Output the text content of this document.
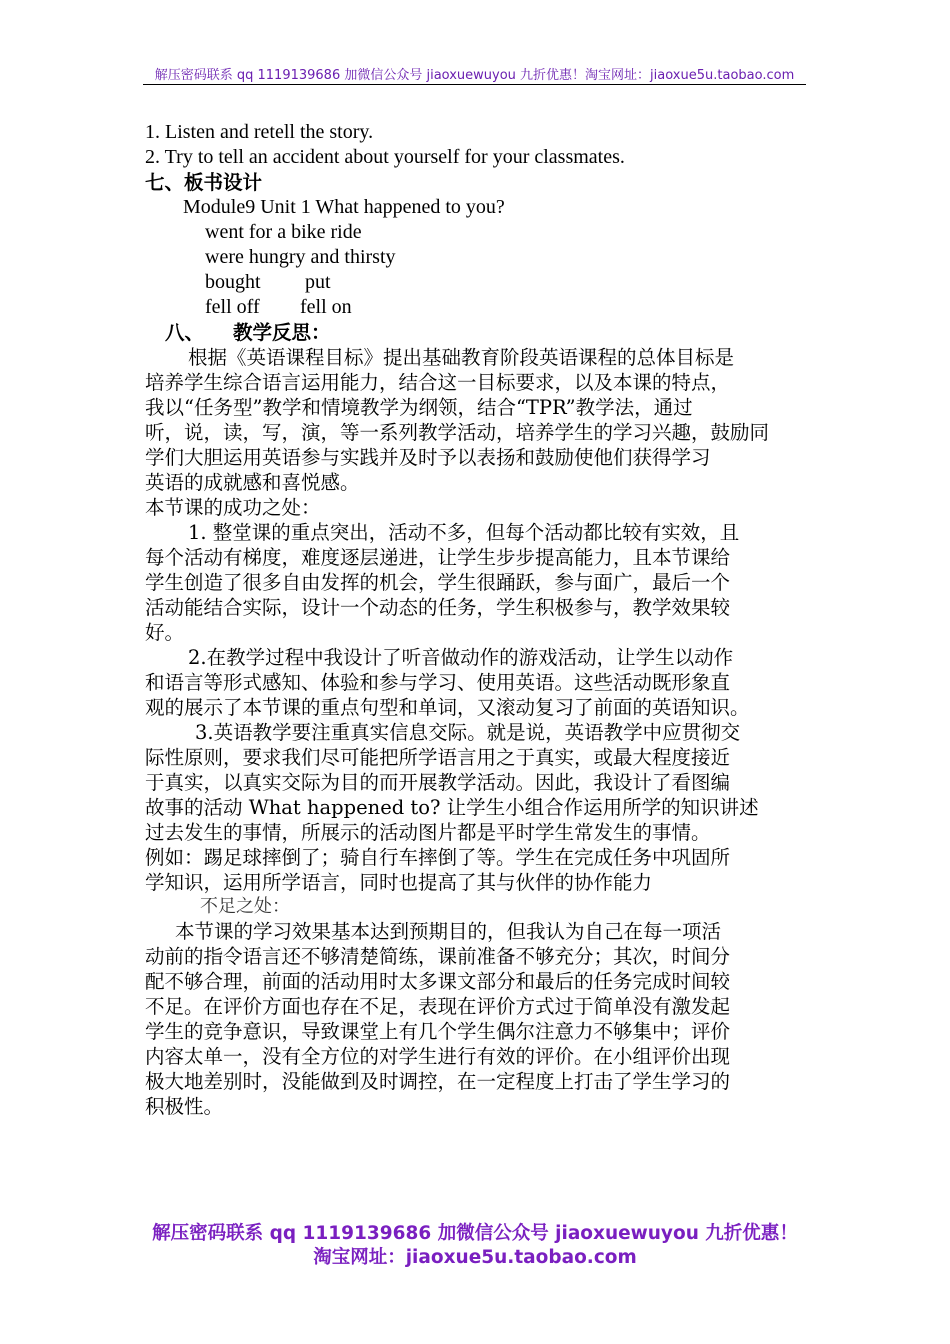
解压密码联系 qq 1119139686 加微信公众号 jiaoxuewuyou 九折优惠！淘宝网址：jiaoxue5u.taobao.com
1. Listen and retell the story.
2. Try to tell an accident about yourself for your classmates.
七、板书设计
Module9 Unit 1 What happened to you?
went for a bike ride
were hungry and thirsty
bought put
fell off fell on
八、 教学反思：
根据《英语课程目标》提出基础教育阶段英语课程的总体目标是
培养学生综合语言运用能力，结合这一目标要求，以及本课的特点，
我以“任务型”教学和情境教学为纲领，结合“TPR”教学法，通过
听，说，读，写，演，等一系列教学活动，培养学生的学习兴趣，鼓励同
学们大胆运用英语参与实践并及时予以表扬和鼓励使他们获得学习
英语的成就感和喜悦感。
本节课的成功之处：
1. 整堂课的重点突出，活动不多，但每个活动都比较有实效，且
每个活动有梯度，难度逐层递进，让学生步步提高能力，且本节课给
学生创造了很多自由发挥的机会，学生很踊跃，参与面广，最后一个
活动能结合实际，设计一个动态的任务，学生积极参与，教学效果较
好。
2.在教学过程中我设计了听音做动作的游戏活动，让学生以动作
和语言等形式感知、体验和参与学习、使用英语。这些活动既形象直
观的展示了本节课的重点句型和单词，又滚动复习了前面的英语知识。
3.英语教学要注重真实信息交际。就是说，英语教学中应贯彻交
际性原则，要求我们尽可能把所学语言用之于真实，或最大程度接近
于真实，以真实交际为目的而开展教学活动。因此，我设计了看图编
故事的活动 What happened to? 让学生小组合作运用所学的知识讲述
过去发生的事情，所展示的活动图片都是平时学生常发生的事情。
例如：踢足球摔倒了；骑自行车摔倒了等。学生在完成任务中巩固所
学知识，运用所学语言，同时也提高了其与伙伴的协作能力
不足之处：
本节课的学习效果基本达到预期目的，但我认为自己在每一项活
动前的指令语言还不够清楚简练，课前准备不够充分；其次，时间分
配不够合理，前面的活动用时太多课文部分和最后的任务完成时间较
不足。在评价方面也存在不足，表现在评价方式过于简单没有激发起
学生的竞争意识，导致课堂上有几个学生偶尔注意力不够集中；评价
内容太单一，没有全方位的对学生进行有效的评价。在小组评价出现
极大地差别时，没能做到及时调控，在一定程度上打击了学生学习的
积极性。
解压密码联系 qq 1119139686 加微信公众号 jiaoxuewuyou 九折优惠！
淘宝网址：jiaoxue5u.taobao.com
